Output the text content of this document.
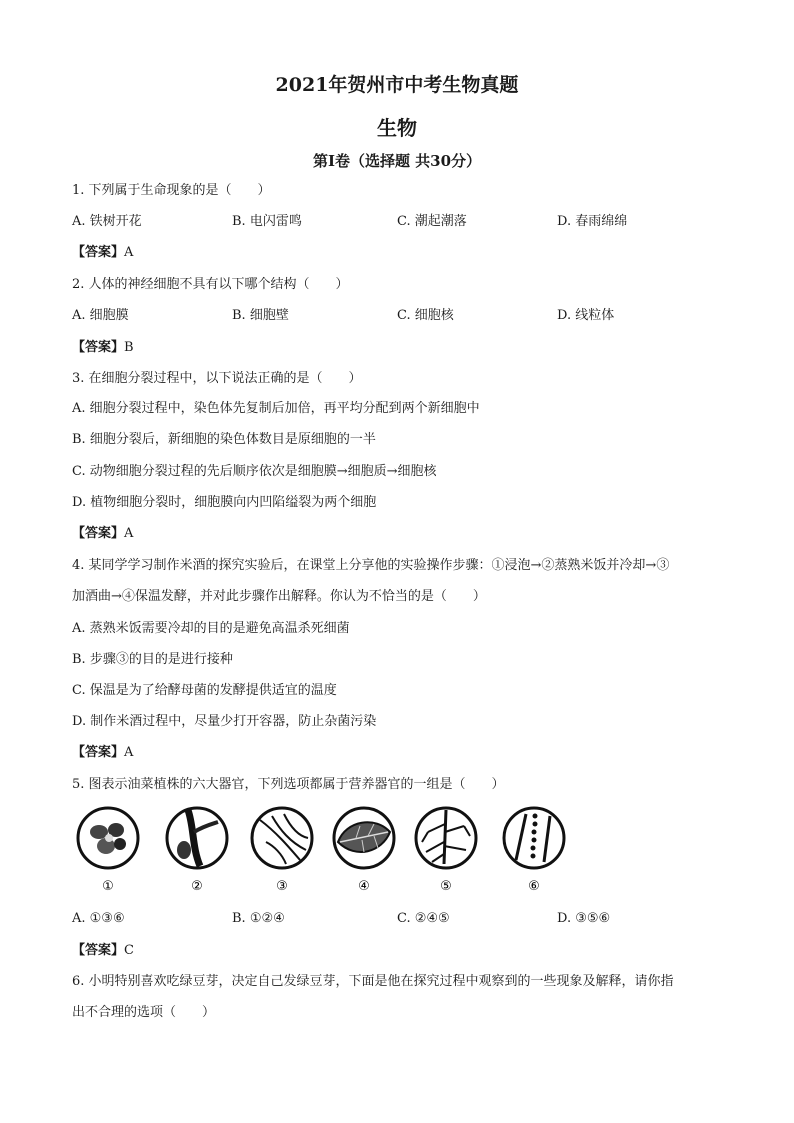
2021年贺州市中考生物真题
生物
第I卷（选择题 共30分）
1. 下列属于生命现象的是（　　）
A. 铁树开花	B. 电闪雷鸣	C. 潮起潮落	D. 春雨绵绵
【答案】A
2. 人体的神经细胞不具有以下哪个结构（　　）
A. 细胞膜	B. 细胞壁	C. 细胞核	D. 线粒体
【答案】B
3. 在细胞分裂过程中，以下说法正确的是（　　）
A. 细胞分裂过程中，染色体先复制后加倍，再平均分配到两个新细胞中
B. 细胞分裂后，新细胞的染色体数目是原细胞的一半
C. 动物细胞分裂过程的先后顺序依次是细胞膜→细胞质→细胞核
D. 植物细胞分裂时，细胞膜向内凹陷缢裂为两个细胞
【答案】A
4. 某同学学习制作米酒的探究实验后，在课堂上分享他的实验操作步骤：①浸泡→②蒸熟米饭并冷却→③
加酒曲→④保温发酵，并对此步骤作出解释。你认为不恰当的是（　　）
A. 蒸熟米饭需要冷却的目的是避免高温杀死细菌
B. 步骤③的目的是进行接种
C. 保温是为了给酵母菌的发酵提供适宜的温度
D. 制作米酒过程中，尽量少打开容器，防止杂菌污染
【答案】A
5. 图表示油菜植株的六大器官，下列选项都属于营养器官的一组是（　　）
①	②	③	④	⑤	⑥
A. ①③⑥	B. ①②④	C. ②④⑤	D. ③⑤⑥
【答案】C
6. 小明特别喜欢吃绿豆芽，决定自己发绿豆芽，下面是他在探究过程中观察到的一些现象及解释，请你指
出不合理的选项（　　）
